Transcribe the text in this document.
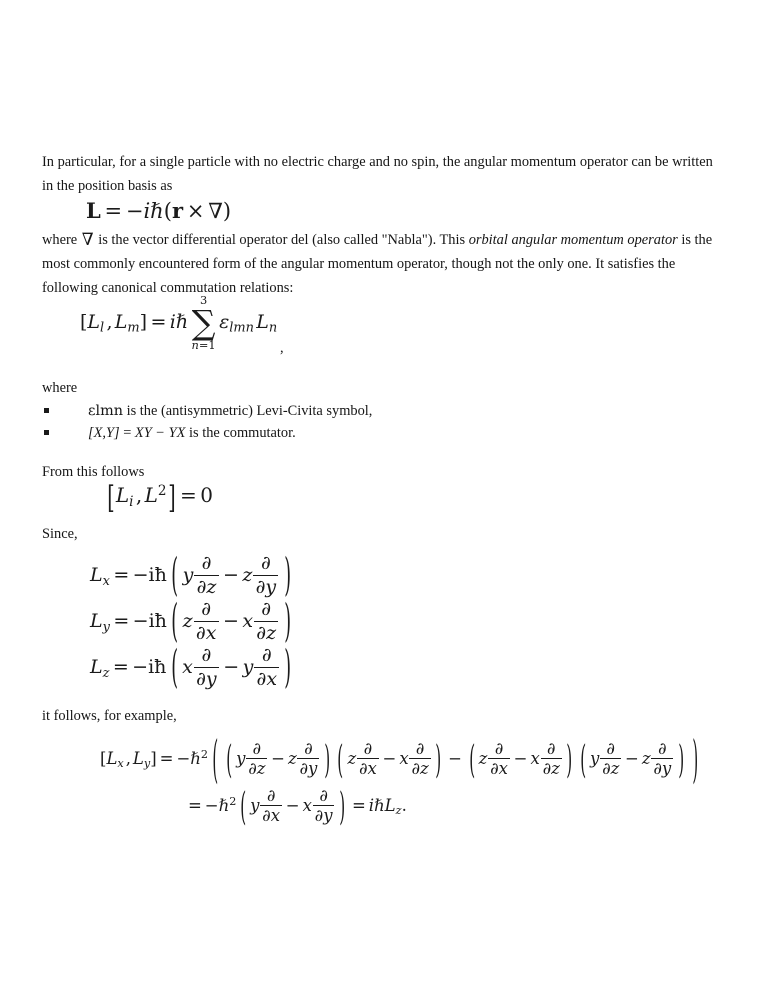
In particular, for a single particle with no electric charge and no spin, the angular momentum operator can be written in the position basis as

L = −iℏ(r × ∇)

where ∇ is the vector differential operator del (also called "Nabla"). This orbital angular momentum operator is the most commonly encountered form of the angular momentum operator, though not the only one. It satisfies the following canonical commutation relations:

[$L_l$ , $L_m$] = iℏ
3
∑
n=1
$\varepsilon_{lmn}$ $L_n$
,

where

εlmn is the (antisymmetric) Levi-Civita symbol,
[X,Y] = XY − YX is the commutator.

From this follows

[$L_i$ , $L^2] = 0$

Since,

$L_x$ = −iħ ( y $\frac{\partial}{\partial z} - z \frac{\partial}{\partial y}$ )
$L_y$ = −iħ ( z $\frac{\partial}{\partial x} - x \frac{\partial}{\partial z}$ )
$L_z$ = −iħ ( x $\frac{\partial}{\partial y} - y \frac{\partial}{\partial x}$ )

it follows, for example,

[$L_x$ , $L_y$] = −ℏ$^2$ ( ( y $\frac{\partial}{\partial z} - z \frac{\partial}{\partial y}$ ) ( z $\frac{\partial}{\partial x} - x \frac{\partial}{\partial z}$ ) − ( z $\frac{\partial}{\partial x} - x \frac{\partial}{\partial z}$ ) ( y $\frac{\partial}{\partial z} - z \frac{\partial}{\partial y}$ ) )
= −ℏ$^2$ ( y $\frac{\partial}{\partial x} - x \frac{\partial}{\partial y}$ ) = iℏL$_z$.
